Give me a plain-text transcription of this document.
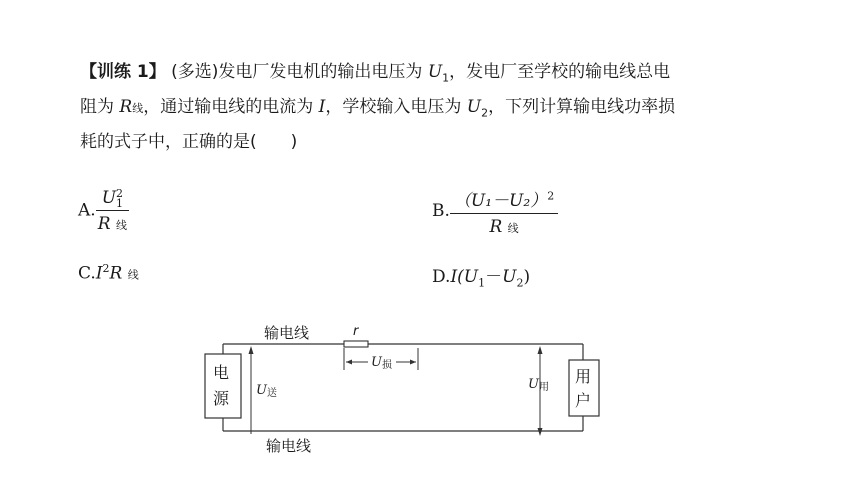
【训练 1】 (多选)发电厂发电机的输出电压为 $U_1$，发电厂至学校的输电线总电
阻为 R线，通过输电线的电流为 I，学校输入电压为 $U_2$，下列计算输电线功率损
耗的式子中，正确的是(　　)
A. U 2
1
R 线	B. $\frac{(U_1-U_2)^2}{\text{R 线}}$
$C.I^2R$ 线	$D.I(U_1-U_2)$
r
输电线
U损
电
源 U送
用
户
U用
输电线
